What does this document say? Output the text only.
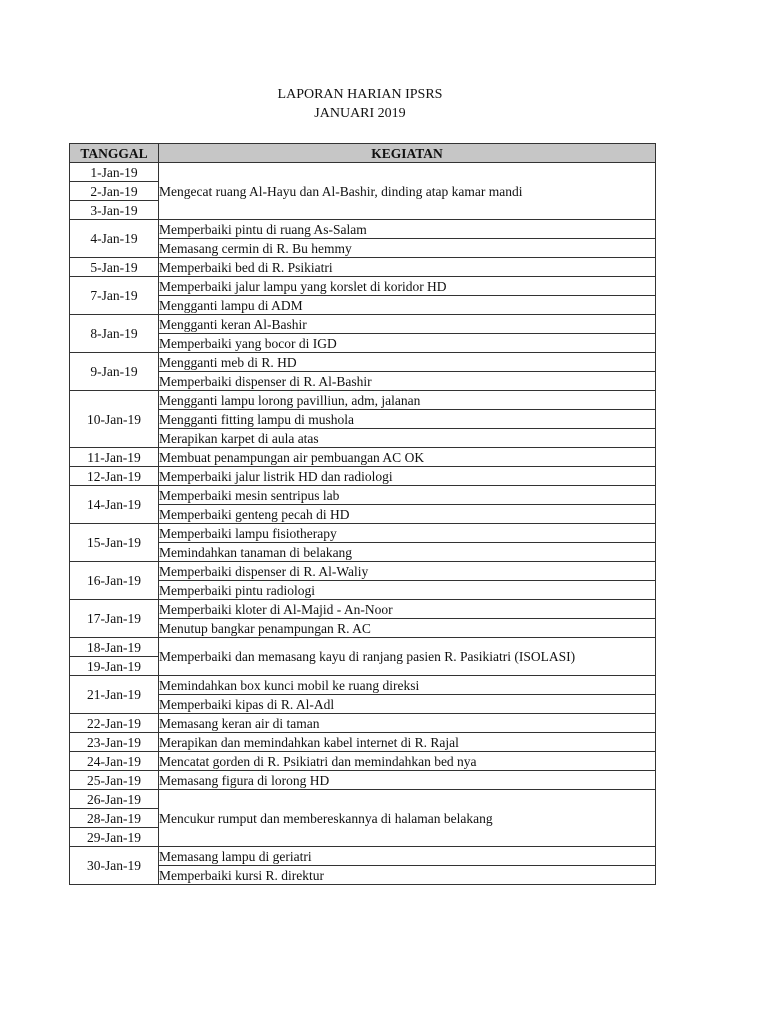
LAPORAN HARIAN IPSRS
JANUARI 2019
TANGGAL	KEGIATAN
1-Jan-19	Mengecat ruang Al-Hayu dan Al-Bashir, dinding atap kamar mandi
2-Jan-19	
3-Jan-19	
4-Jan-19	Memperbaiki pintu di ruang As-Salam
	Memasang cermin di R. Bu hemmy
5-Jan-19	Memperbaiki bed di R. Psikiatri
7-Jan-19	Memperbaiki jalur lampu yang korslet di koridor HD
	Mengganti lampu di ADM
8-Jan-19	Mengganti keran Al-Bashir
	Memperbaiki yang bocor di IGD
9-Jan-19	Mengganti meb di R. HD
	Memperbaiki dispenser di R. Al-Bashir
10-Jan-19	Mengganti lampu lorong pavilliun, adm, jalanan
	Mengganti fitting lampu di mushola
	Merapikan karpet di aula atas
11-Jan-19	Membuat penampungan air pembuangan AC OK
12-Jan-19	Memperbaiki jalur listrik HD dan radiologi
14-Jan-19	Memperbaiki mesin sentripus lab
	Memperbaiki genteng pecah di HD
15-Jan-19	Memperbaiki lampu fisiotherapy
	Memindahkan tanaman di belakang
16-Jan-19	Memperbaiki dispenser di R. Al-Waliy
	Memperbaiki pintu radiologi
17-Jan-19	Memperbaiki kloter di Al-Majid - An-Noor
	Menutup bangkar penampungan R. AC
18-Jan-19	Memperbaiki dan memasang kayu di ranjang pasien R. Pasikiatri (ISOLASI)
19-Jan-19	
21-Jan-19	Memindahkan box kunci mobil ke ruang direksi
	Memperbaiki kipas di R. Al-Adl
22-Jan-19	Memasang keran air di taman
23-Jan-19	Merapikan dan memindahkan kabel internet di R. Rajal
24-Jan-19	Mencatat gorden di R. Psikiatri dan memindahkan bed nya
25-Jan-19	Memasang figura di lorong HD
26-Jan-19	Mencukur rumput dan membereskannya di halaman belakang
28-Jan-19	
29-Jan-19	
30-Jan-19	Memasang lampu di geriatri
	Memperbaiki kursi R. direktur
